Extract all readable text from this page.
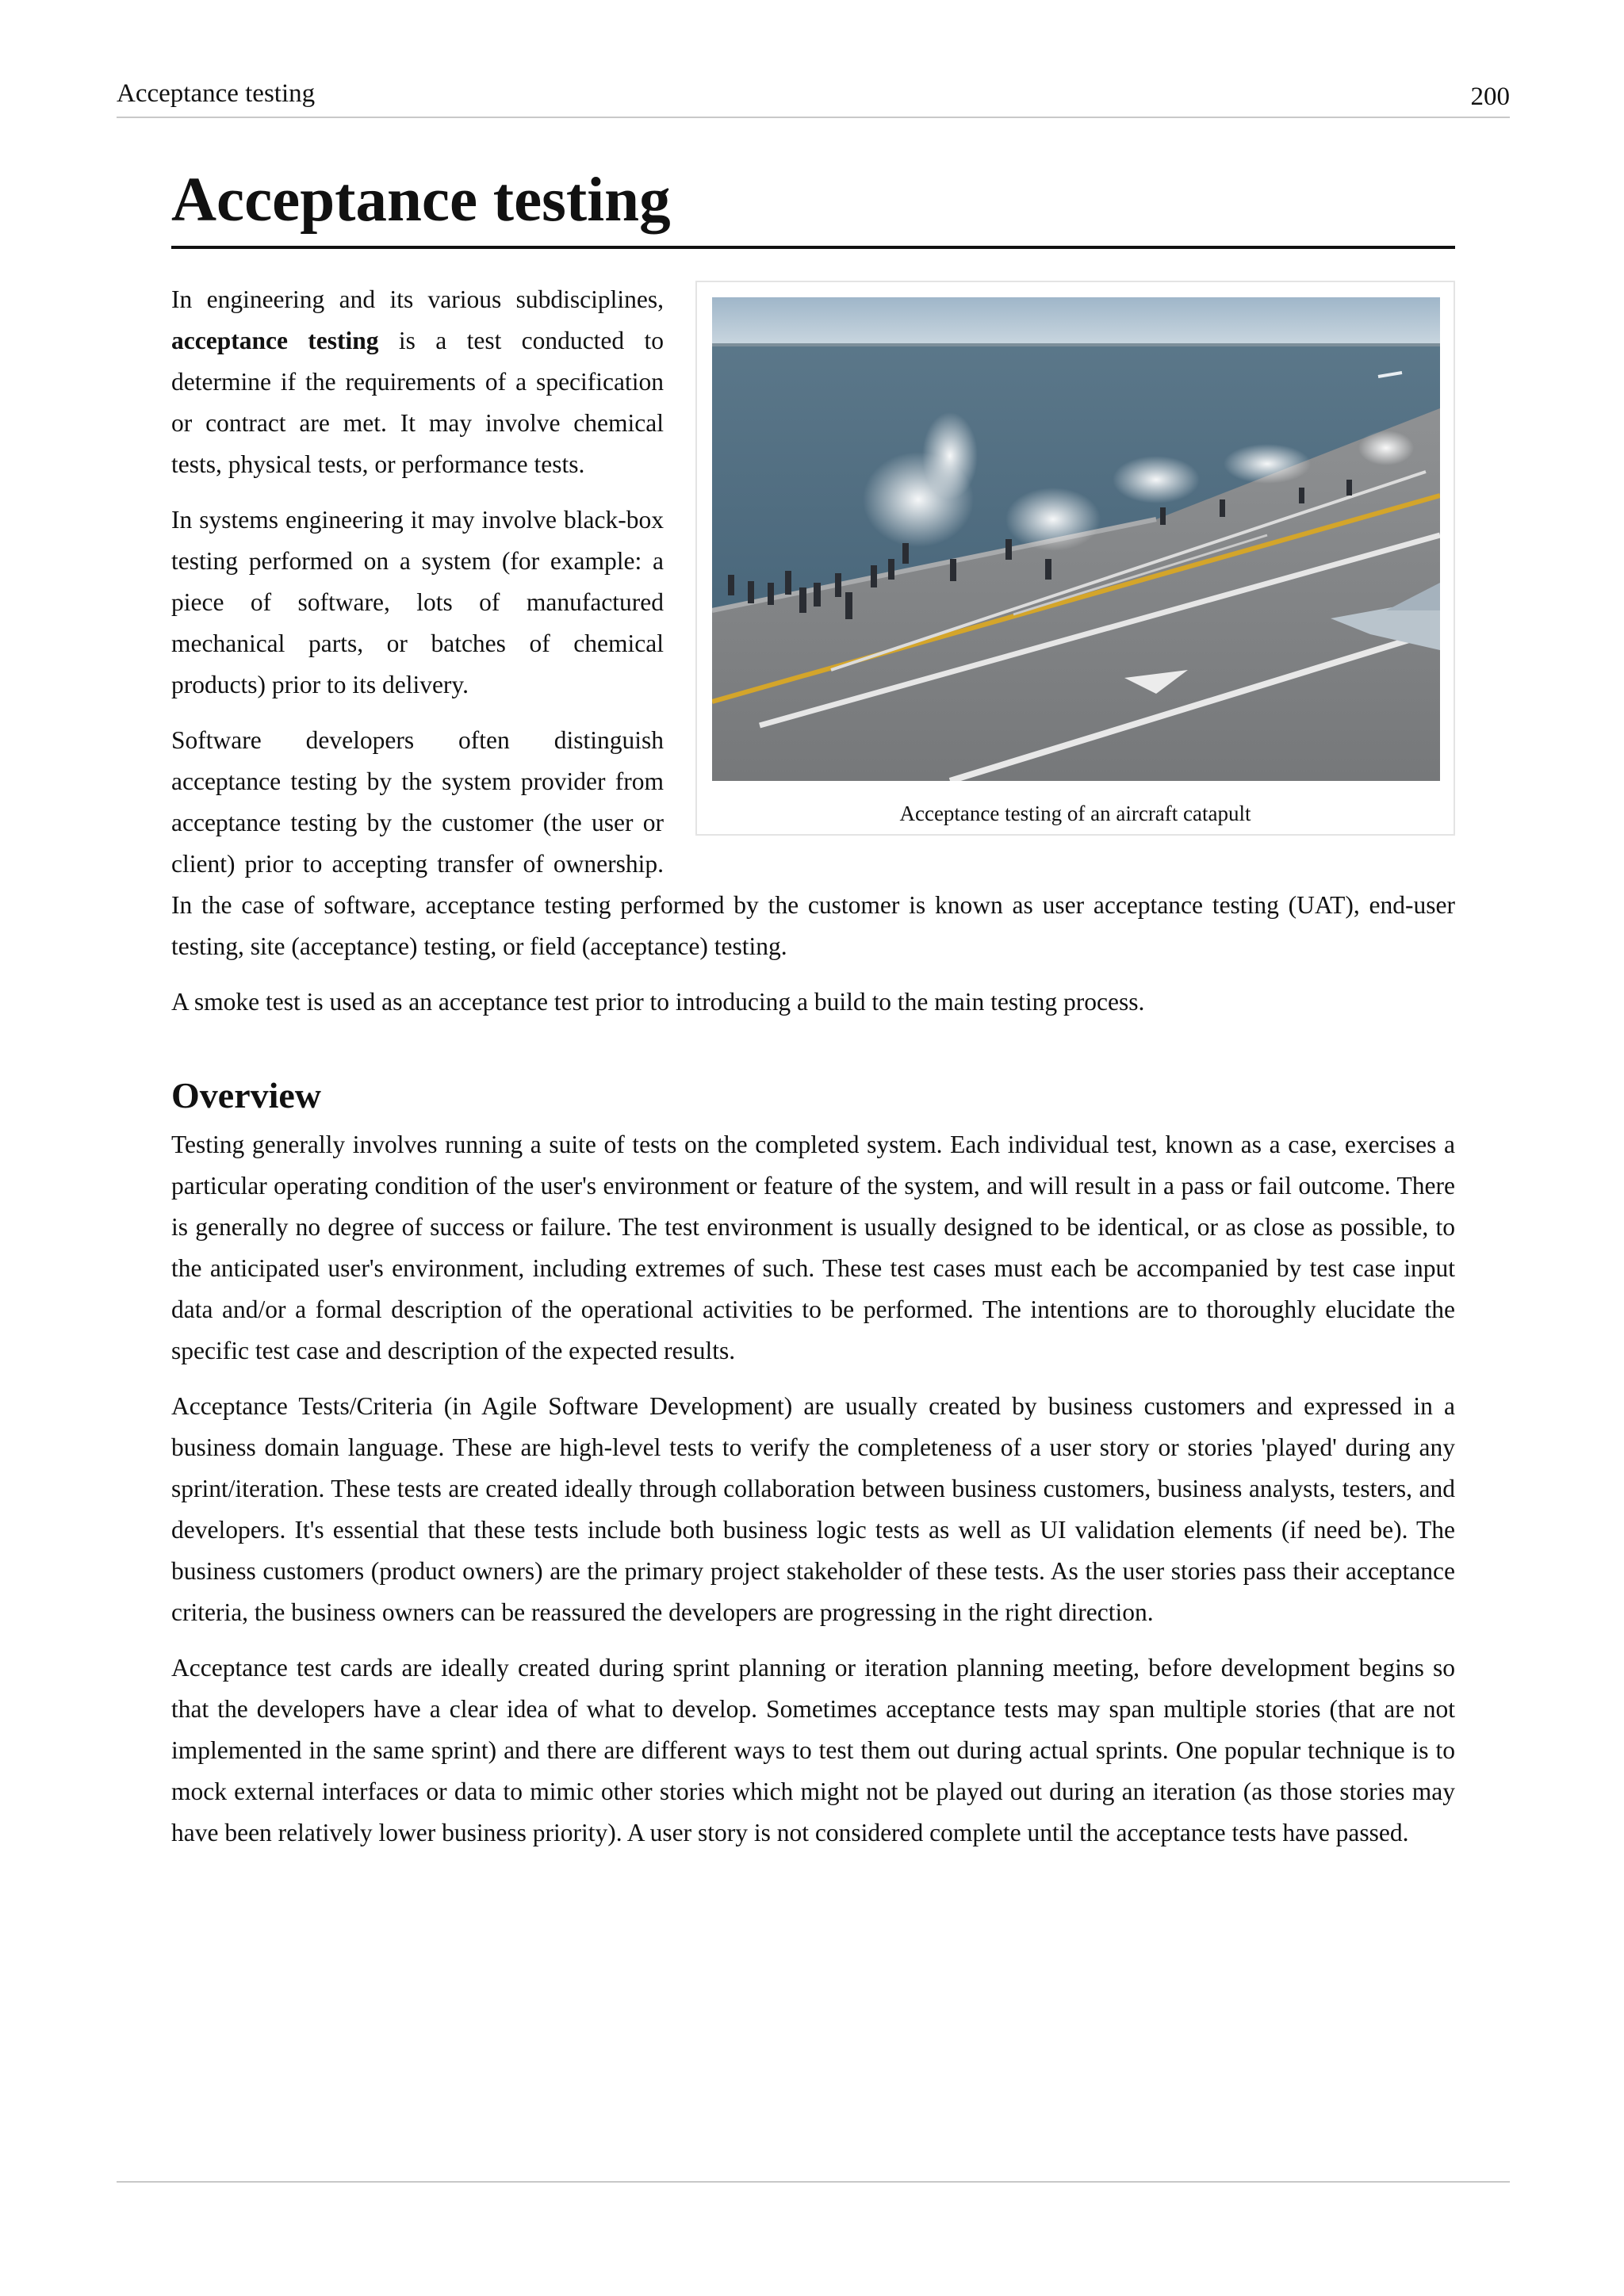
Acceptance testing	200
Acceptance testing
Acceptance testing of an aircraft catapult

In engineering and its various subdisciplines, acceptance testing is a test conducted to determine if the requirements of a specification or contract are met. It may involve chemical tests, physical tests, or performance tests.

In systems engineering it may involve black-box testing performed on a system (for example: a piece of software, lots of manufactured mechanical parts, or batches of chemical products) prior to its delivery.

Software developers often distinguish acceptance testing by the system provider from acceptance testing by the customer (the user or client) prior to accepting transfer of ownership. In the case of software, acceptance testing performed by the customer is known as user acceptance testing (UAT), end-user testing, site (acceptance) testing, or field (acceptance) testing.

A smoke test is used as an acceptance test prior to introducing a build to the main testing process.

Overview

Testing generally involves running a suite of tests on the completed system. Each individual test, known as a case, exercises a particular operating condition of the user's environment or feature of the system, and will result in a pass or fail outcome. There is generally no degree of success or failure. The test environment is usually designed to be identical, or as close as possible, to the anticipated user's environment, including extremes of such. These test cases must each be accompanied by test case input data and/or a formal description of the operational activities to be performed. The intentions are to thoroughly elucidate the specific test case and description of the expected results.

Acceptance Tests/Criteria (in Agile Software Development) are usually created by business customers and expressed in a business domain language. These are high-level tests to verify the completeness of a user story or stories 'played' during any sprint/iteration. These tests are created ideally through collaboration between business customers, business analysts, testers, and developers. It's essential that these tests include both business logic tests as well as UI validation elements (if need be). The business customers (product owners) are the primary project stakeholder of these tests. As the user stories pass their acceptance criteria, the business owners can be reassured the developers are progressing in the right direction.

Acceptance test cards are ideally created during sprint planning or iteration planning meeting, before development begins so that the developers have a clear idea of what to develop. Sometimes acceptance tests may span multiple stories (that are not implemented in the same sprint) and there are different ways to test them out during actual sprints. One popular technique is to mock external interfaces or data to mimic other stories which might not be played out during an iteration (as those stories may have been relatively lower business priority). A user story is not considered complete until the acceptance tests have passed.
